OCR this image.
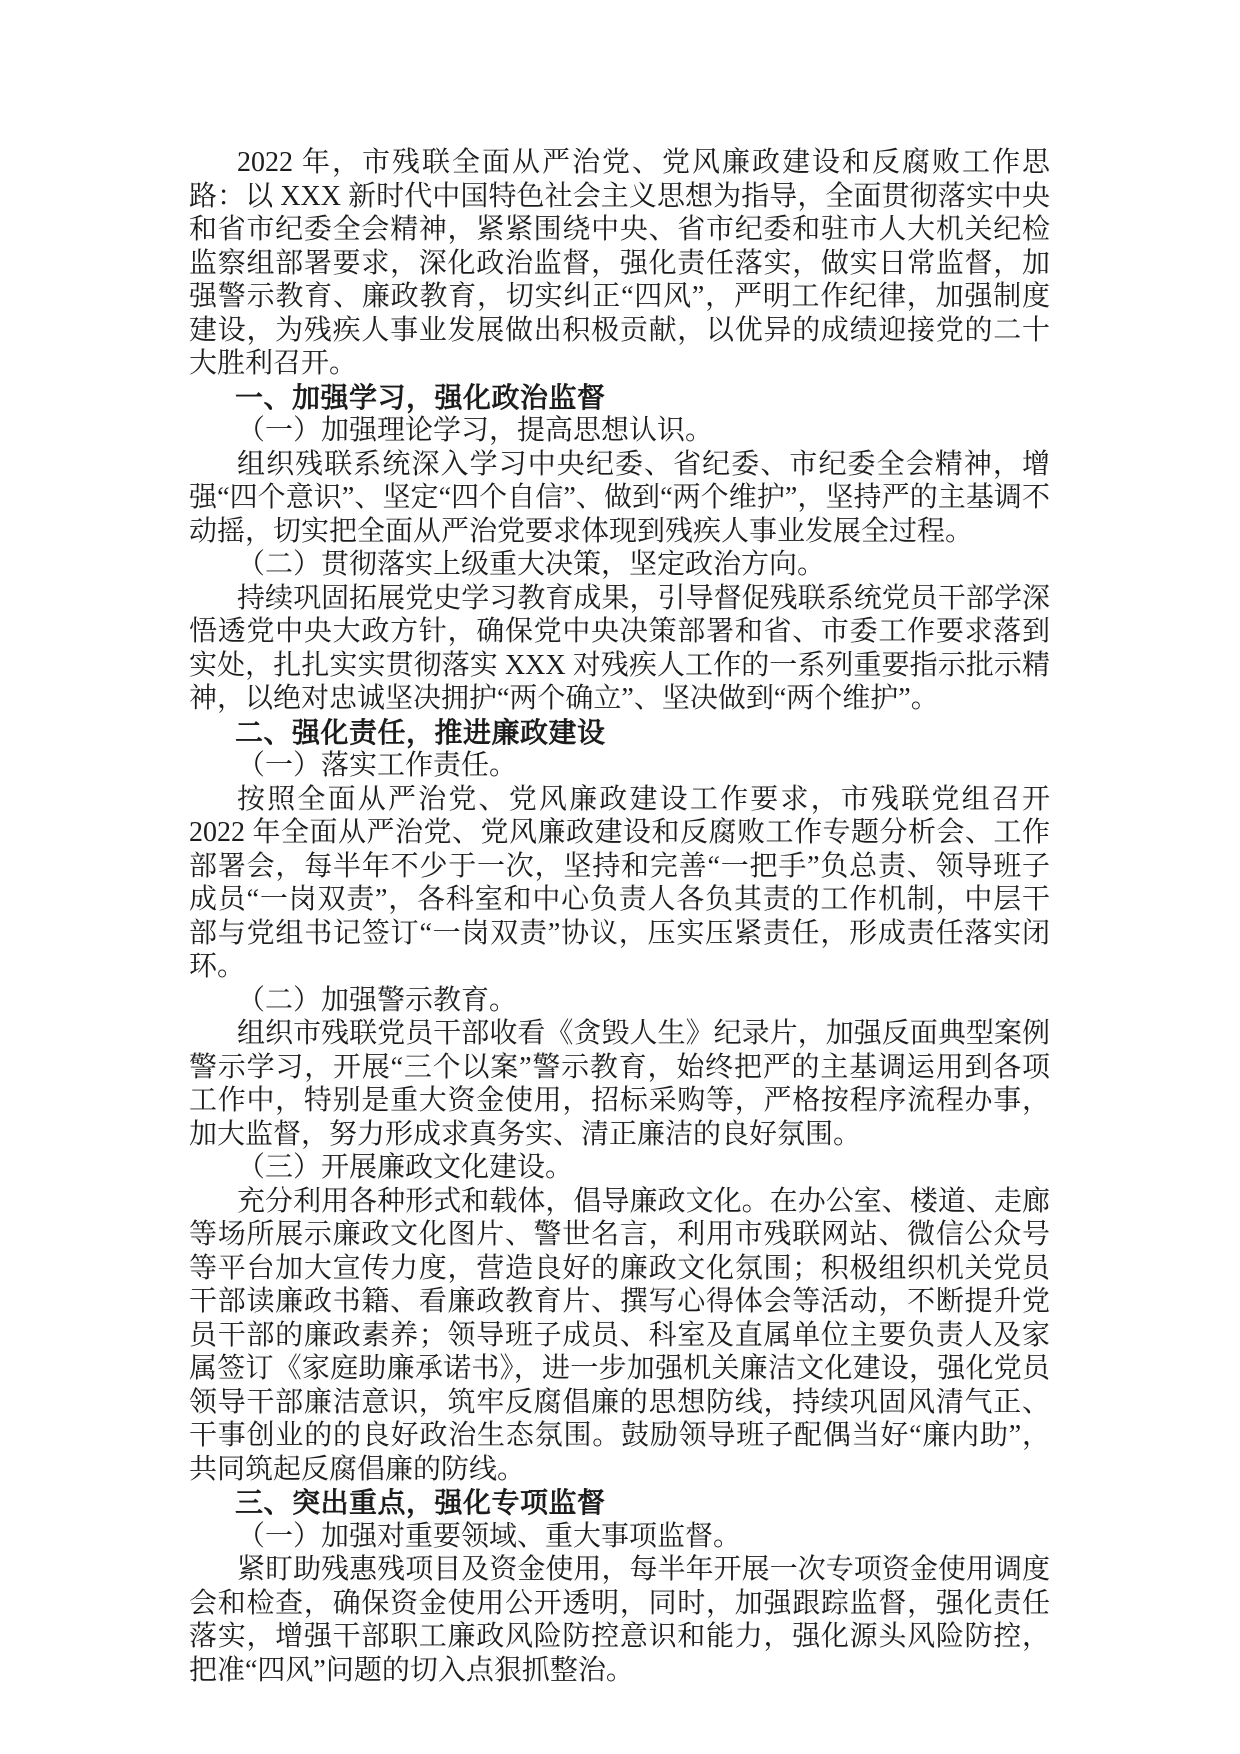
2022 年，市残联全面从严治党、党风廉政建设和反腐败工作思路：以 XXX 新时代中国特色社会主义思想为指导，全面贯彻落实中央和省市纪委全会精神，紧紧围绕中央、省市纪委和驻市人大机关纪检监察组部署要求，深化政治监督，强化责任落实，做实日常监督，加强警示教育、廉政教育，切实纠正“四风”，严明工作纪律，加强制度建设，为残疾人事业发展做出积极贡献，以优异的成绩迎接党的二十大胜利召开。

一、加强学习，强化政治监督

（一）加强理论学习，提高思想认识。

组织残联系统深入学习中央纪委、省纪委、市纪委全会精神，增强“四个意识”、坚定“四个自信”、做到“两个维护”，坚持严的主基调不动摇，切实把全面从严治党要求体现到残疾人事业发展全过程。

（二）贯彻落实上级重大决策，坚定政治方向。

持续巩固拓展党史学习教育成果，引导督促残联系统党员干部学深悟透党中央大政方针，确保党中央决策部署和省、市委工作要求落到实处，扎扎实实贯彻落实 XXX 对残疾人工作的一系列重要指示批示精神，以绝对忠诚坚决拥护“两个确立”、坚决做到“两个维护”。

二、强化责任，推进廉政建设

（一）落实工作责任。

按照全面从严治党、党风廉政建设工作要求，市残联党组召开 2022 年全面从严治党、党风廉政建设和反腐败工作专题分析会、工作部署会，每半年不少于一次，坚持和完善“一把手”负总责、领导班子成员“一岗双责”，各科室和中心负责人各负其责的工作机制，中层干部与党组书记签订“一岗双责”协议，压实压紧责任，形成责任落实闭环。

（二）加强警示教育。

组织市残联党员干部收看《贪毁人生》纪录片，加强反面典型案例警示学习，开展“三个以案”警示教育，始终把严的主基调运用到各项工作中，特别是重大资金使用，招标采购等，严格按程序流程办事，加大监督，努力形成求真务实、清正廉洁的良好氛围。

（三）开展廉政文化建设。

充分利用各种形式和载体，倡导廉政文化。在办公室、楼道、走廊等场所展示廉政文化图片、警世名言，利用市残联网站、微信公众号等平台加大宣传力度，营造良好的廉政文化氛围；积极组织机关党员干部读廉政书籍、看廉政教育片、撰写心得体会等活动，不断提升党员干部的廉政素养；领导班子成员、科室及直属单位主要负责人及家属签订《家庭助廉承诺书》，进一步加强机关廉洁文化建设，强化党员领导干部廉洁意识，筑牢反腐倡廉的思想防线，持续巩固风清气正、干事创业的的良好政治生态氛围。鼓励领导班子配偶当好“廉内助”，共同筑起反腐倡廉的防线。

三、突出重点，强化专项监督

（一）加强对重要领域、重大事项监督。

紧盯助残惠残项目及资金使用，每半年开展一次专项资金使用调度会和检查，确保资金使用公开透明，同时，加强跟踪监督，强化责任落实，增强干部职工廉政风险防控意识和能力，强化源头风险防控，把准“四风”问题的切入点狠抓整治。
